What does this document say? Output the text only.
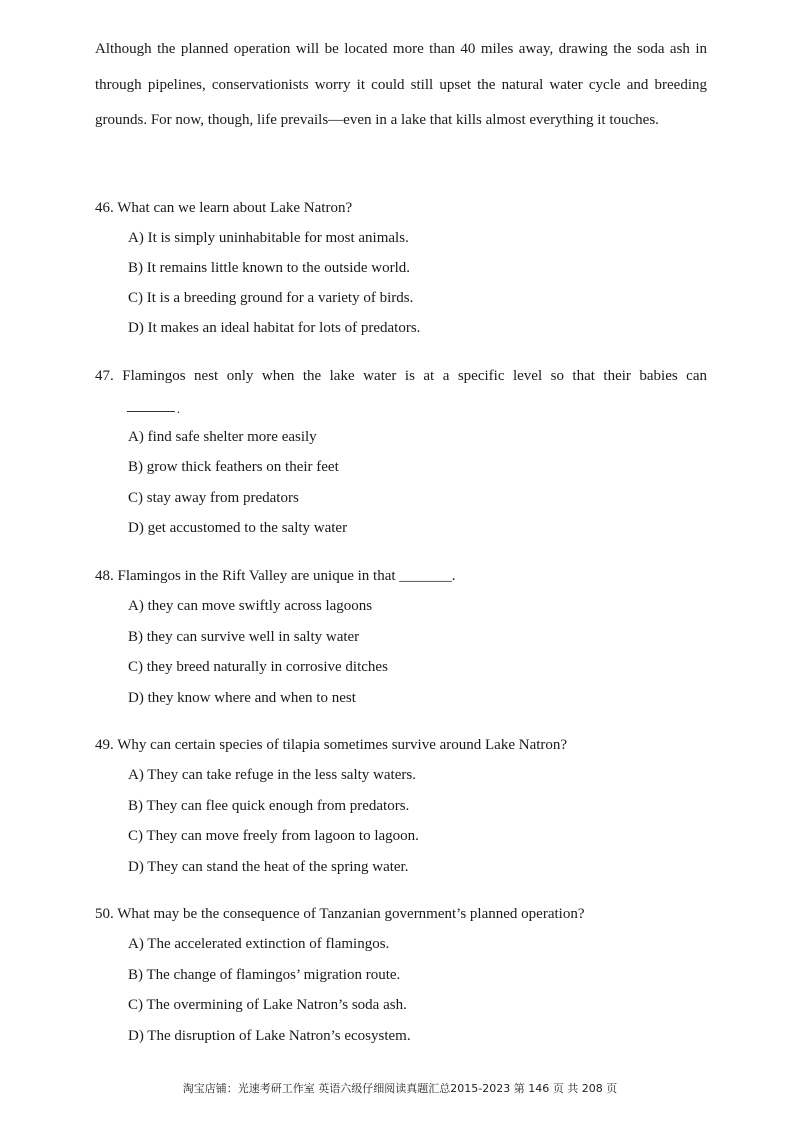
Although the planned operation will be located more than 40 miles away, drawing the soda ash in through pipelines, conservationists worry it could still upset the natural water cycle and breeding grounds. For now, though, life prevails—even in a lake that kills almost everything it touches.

46. What can we learn about Lake Natron?

A) It is simply uninhabitable for most animals.

B) It remains little known to the outside world.

C) It is a breeding ground for a variety of birds.

D) It makes an ideal habitat for lots of predators.

47. Flamingos nest only when the lake water is at a specific level so that their babies can

.

A) find safe shelter more easily

B) grow thick feathers on their feet

C) stay away from predators

D) get accustomed to the salty water

48. Flamingos in the Rift Valley are unique in that _______.

A) they can move swiftly across lagoons

B) they can survive well in salty water

C) they breed naturally in corrosive ditches

D) they know where and when to nest

49. Why can certain species of tilapia sometimes survive around Lake Natron?

A) They can take refuge in the less salty waters.

B) They can flee quick enough from predators.

C) They can move freely from lagoon to lagoon.

D) They can stand the heat of the spring water.

50. What may be the consequence of Tanzanian government’s planned operation?

A) The accelerated extinction of flamingos.

B) The change of flamingos’ migration route.

C) The overmining of Lake Natron’s soda ash.

D) The disruption of Lake Natron’s ecosystem.

淘宝店铺：光速考研工作室 英语六级仔细阅读真题汇总2015-2023 第 146 页 共 208 页
